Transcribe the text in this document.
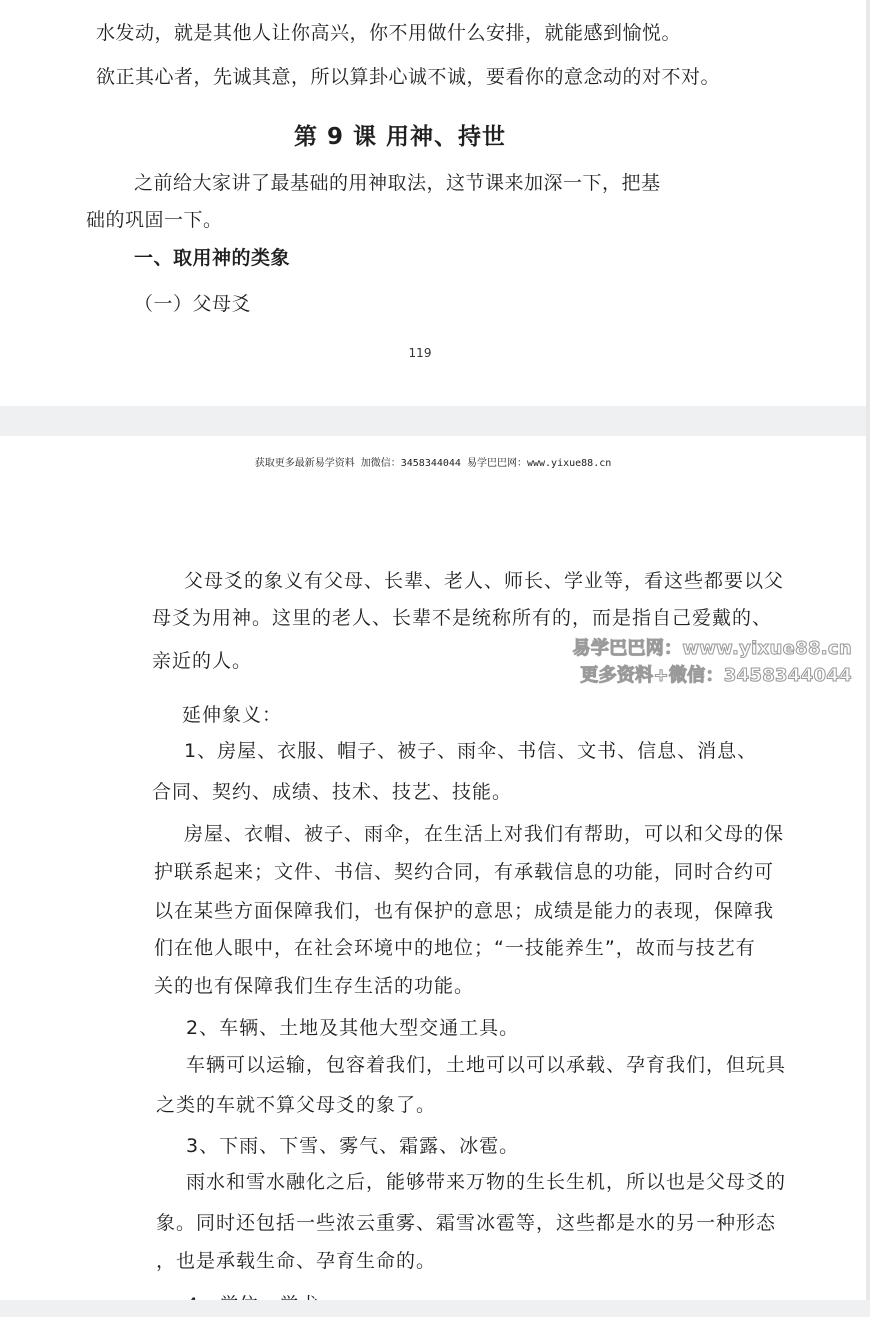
水发动，就是其他人让你高兴，你不用做什么安排，就能感到愉悦。
欲正其心者，先诚其意，所以算卦心诚不诚，要看你的意念动的对不对。
第 9 课 用神、持世
之前给大家讲了最基础的用神取法，这节课来加深一下，把基
础的巩固一下。
一、取用神的类象
（一）父母爻
119
获取更多最新易学资料 加微信：3458344044 易学巴巴网：www.yixue88.cn
父母爻的象义有父母、长辈、老人、师长、学业等，看这些都要以父
母爻为用神。这里的老人、长辈不是统称所有的，而是指自己爱戴的、
亲近的人。
延伸象义：
1、房屋、衣服、帽子、被子、雨伞、书信、文书、信息、消息、
合同、契约、成绩、技术、技艺、技能。
房屋、衣帽、被子、雨伞，在生活上对我们有帮助，可以和父母的保
护联系起来；文件、书信、契约合同，有承载信息的功能，同时合约可
以在某些方面保障我们，也有保护的意思；成绩是能力的表现，保障我
们在他人眼中，在社会环境中的地位；“一技能养生”，故而与技艺有
关的也有保障我们生存生活的功能。
2、车辆、土地及其他大型交通工具。
车辆可以运输，包容着我们，土地可以可以承载、孕育我们，但玩具
之类的车就不算父母爻的象了。
3、下雨、下雪、雾气、霜露、冰雹。
雨水和雪水融化之后，能够带来万物的生长生机，所以也是父母爻的
象。同时还包括一些浓云重雾、霜雪冰雹等，这些都是水的另一种形态
，也是承载生命、孕育生命的。
易学巴巴网：www.yixue88.cn
更多资料+微信：3458344044
